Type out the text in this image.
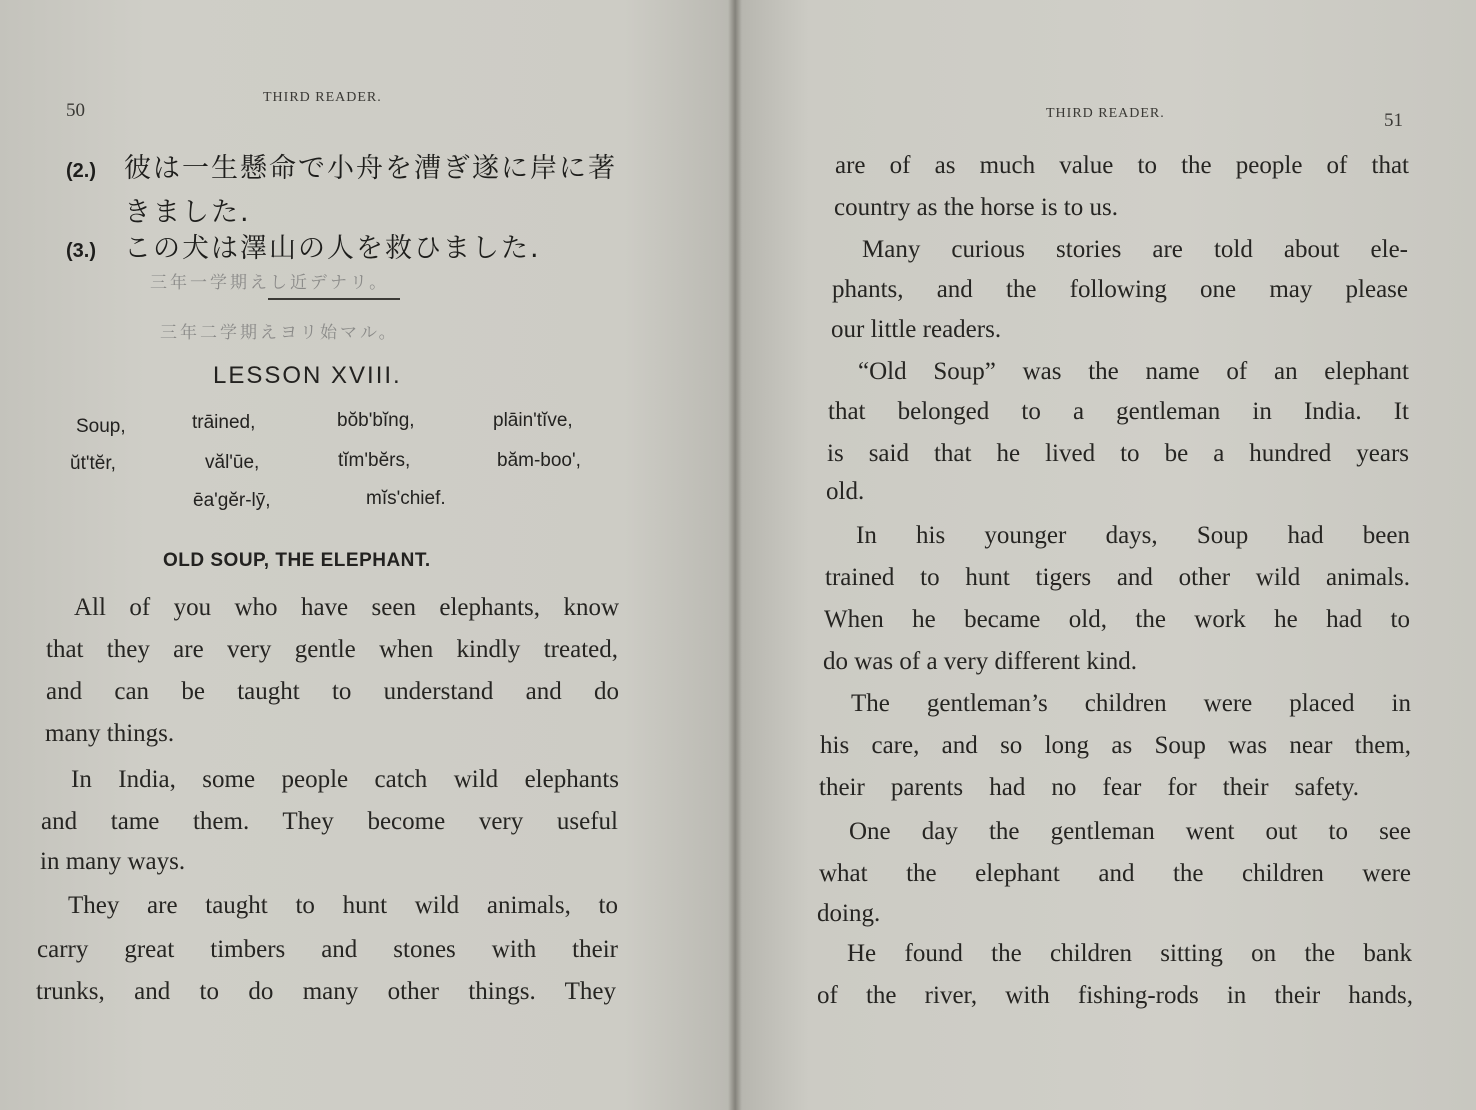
50
THIRD READER.
(2.) 彼は一生懸命で小舟を漕ぎ遂に岸に著
きました.
(3.) この犬は澤山の人を救ひました.
三年一学期えし近デナリ。
三年二学期えヨリ始マル。
LESSON XVIII.
Soup,	trāined,	bŏb'bĭng,	plāin'tĭve,
ŭt'tĕr,	văl'ūe,	tĭm'bĕrs,	băm-boo',
ēa'gĕr-lȳ,	mĭs'chief.
OLD SOUP, THE ELEPHANT.
All of you who have seen elephants, know
that they are very gentle when kindly treated,
and can be taught to understand and do
many things.
In India, some people catch wild elephants
and tame them. They become very useful
in many ways.
They are taught to hunt wild animals, to
carry great timbers and stones with their
trunks, and to do many other things. They
THIRD READER.	51
are of as much value to the people of that
country as the horse is to us.
Many curious stories are told about ele-
phants, and the following one may please
our little readers.
“Old Soup” was the name of an elephant
that belonged to a gentleman in India. It
is said that he lived to be a hundred years
old.
In his younger days, Soup had been
trained to hunt tigers and other wild animals.
When he became old, the work he had to
do was of a very different kind.
The gentleman’s children were placed in
his care, and so long as Soup was near them,
their parents had no fear for their safety.
One day the gentleman went out to see
what the elephant and the children were
doing.
He found the children sitting on the bank
of the river, with fishing-rods in their hands,
